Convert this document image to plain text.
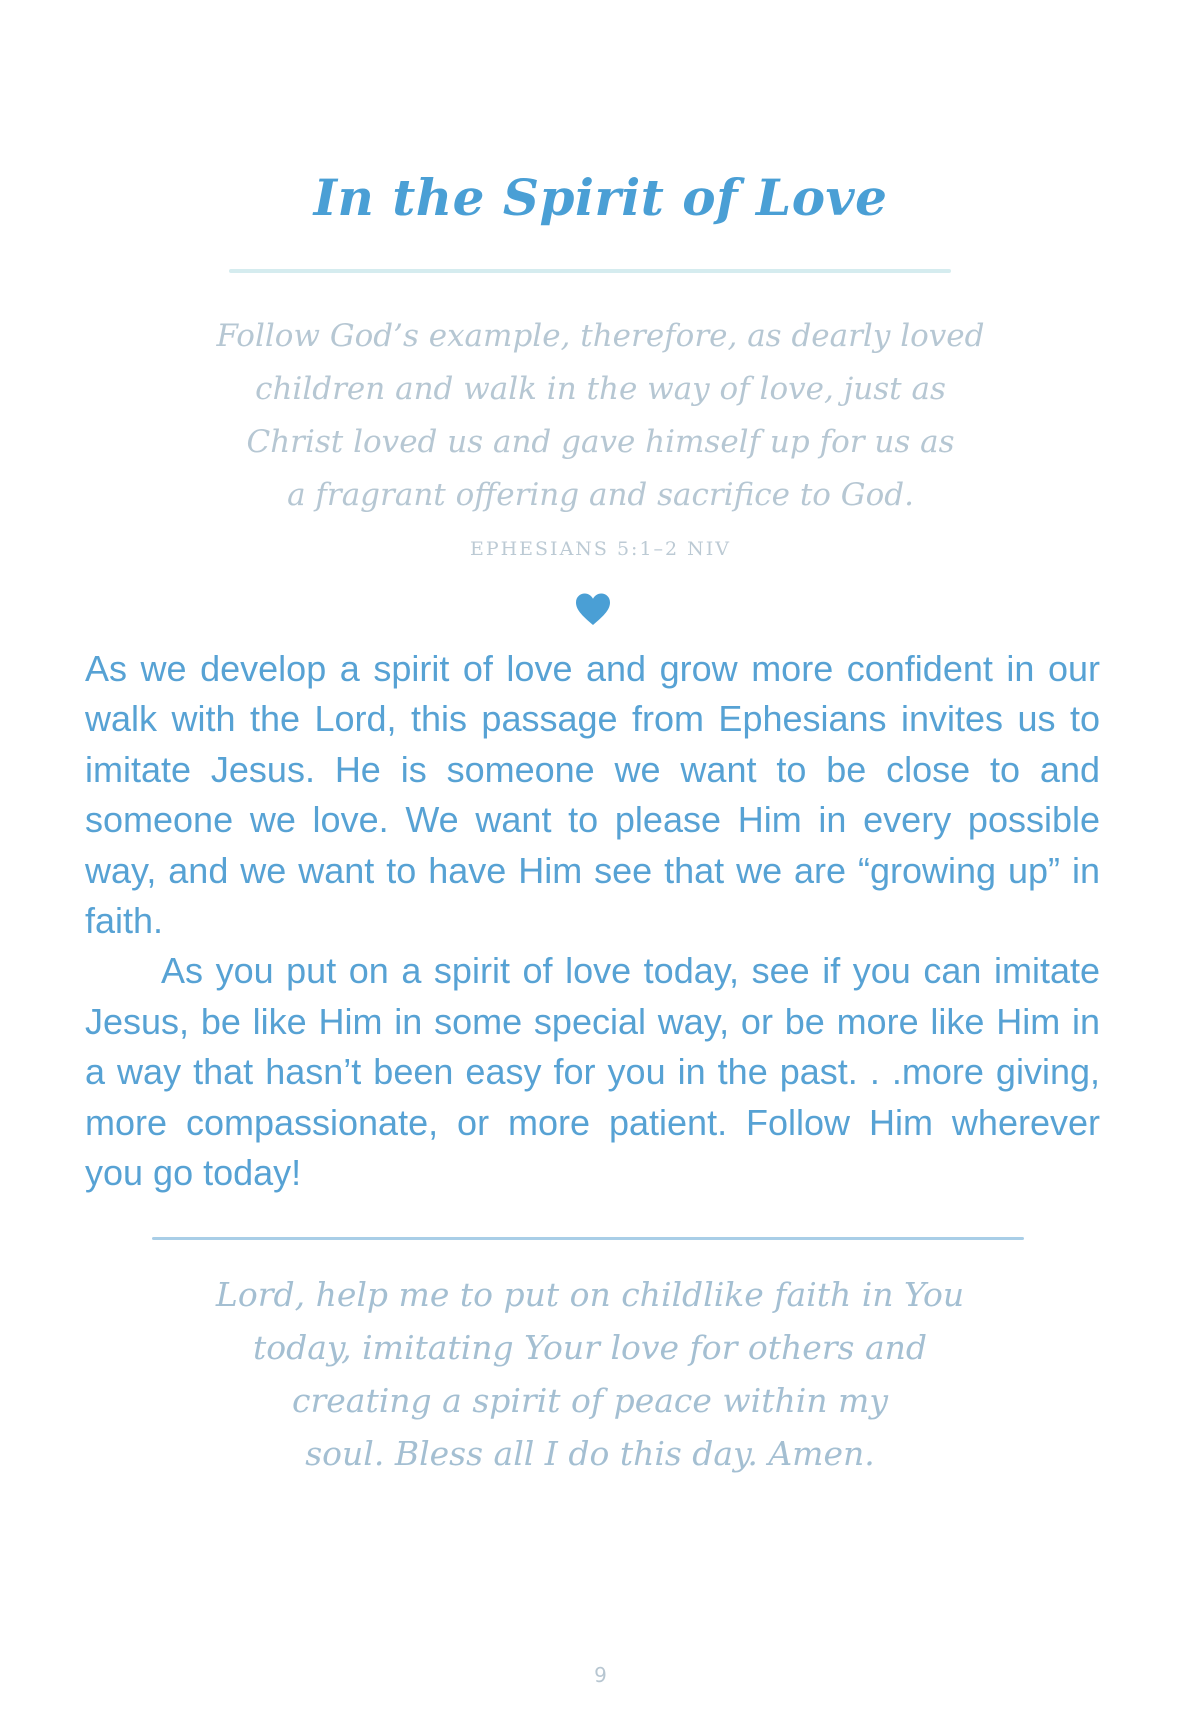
In the Spirit of Love
Follow God’s example, therefore, as dearly loved
children and walk in the way of love, just as
Christ loved us and gave himself up for us as
a fragrant offering and sacrifice to God.
EPHESIANS 5:1–2 NIV

As we develop a spirit of love and grow more confident in our walk with the Lord, this passage from Ephesians invites us to imitate Jesus. He is someone we want to be close to and someone we love. We want to please Him in every possible way, and we want to have Him see that we are “growing up” in faith.

As you put on a spirit of love today, see if you can imitate Jesus, be like Him in some special way, or be more like Him in a way that hasn’t been easy for you in the past. . .more giving, more compassionate, or more patient. Follow Him wherever you go today!

Lord, help me to put on childlike faith in You
today, imitating Your love for others and
creating a spirit of peace within my
soul. Bless all I do this day. Amen.
9
